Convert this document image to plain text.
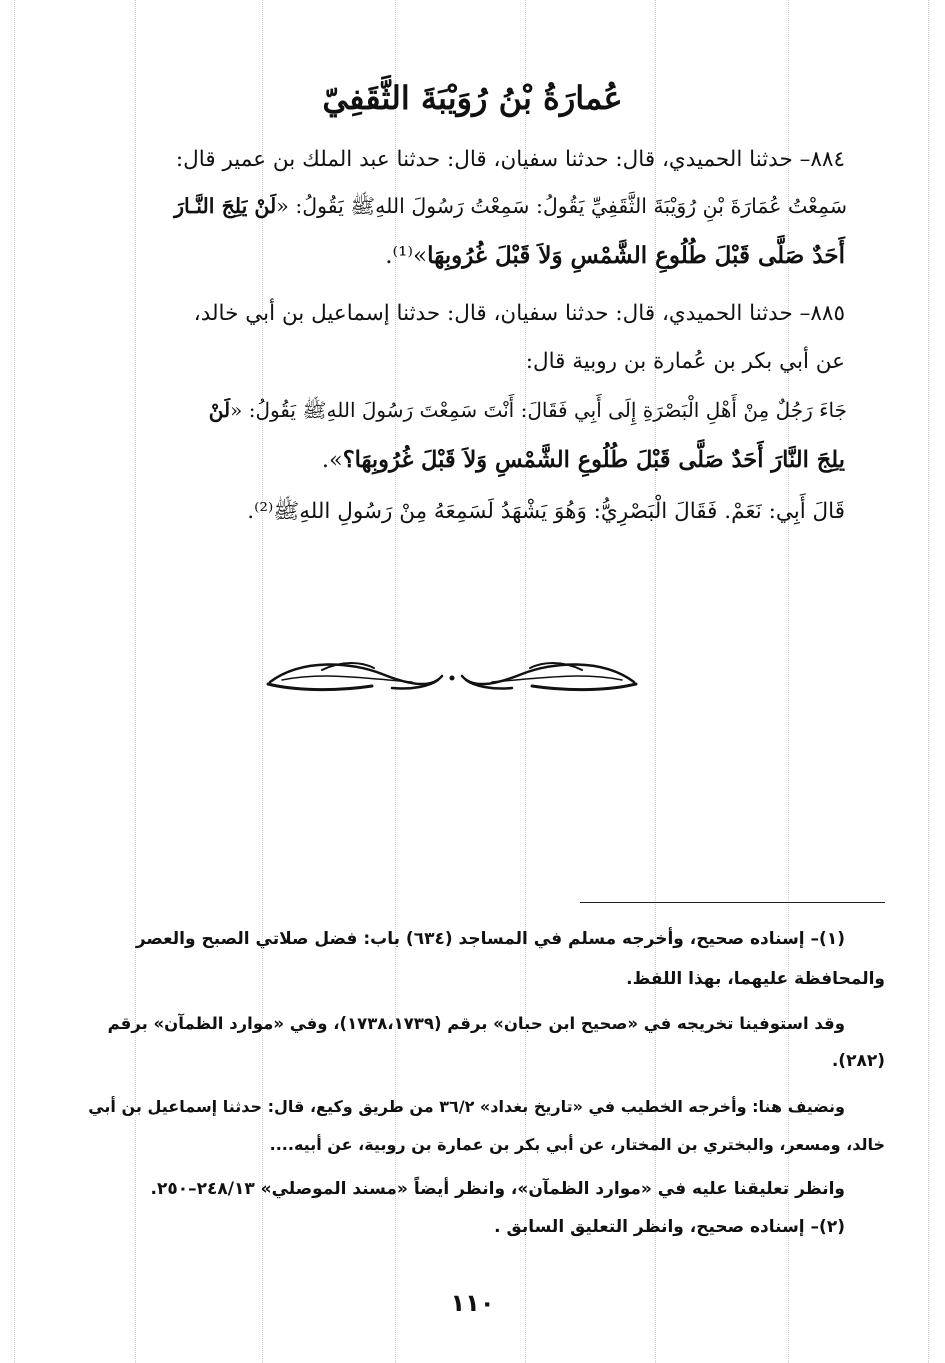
عُمارَةُ بْنُ رُوَيْبَةَ الثَّقَفِيّ
٨٨٤– حدثنا الحميدي، قال: حدثنا سفيان، قال: حدثنا عبد الملك بن عمير قال:
سَمِعْتُ عُمَارَةَ بْنِ رُوَيْبَةَ الثَّقَفِيِّ يَقُولُ: سَمِعْتُ رَسُولَ اللهِﷺ يَقُولُ: «لَنْ يَلِجَ النَّـارَ
أَحَدٌ صَلَّى قَبْلَ طُلُوعِ الشَّمْسِ وَلاَ قَبْلَ غُرُوبِهَا»⁽¹⁾.
٨٨٥– حدثنا الحميدي، قال: حدثنا سفيان، قال: حدثنا إسماعيل بن أبي خالد،
عن أبي بكر بن عُمارة بن روبية قال:
جَاءَ رَجُلٌ مِنْ أَهْلِ الْبَصْرَةِ إِلَى أَبِي فَقَالَ: أَنْتَ سَمِعْتَ رَسُولَ اللهِﷺ يَقُولُ: «لَنْ
يلِجَ النَّارَ أَحَدٌ صَلَّى قَبْلَ طُلُوعِ الشَّمْسِ وَلاَ قَبْلَ غُرُوبِهَا؟».
قَالَ أَبِي: نَعَمْ. فَقَالَ الْبَصْرِيُّ: وَهُوَ يَشْهَدُ لَسَمِعَهُ مِنْ رَسُولِ اللهِﷺ⁽²⁾.
(١)– إسناده صحيح، وأخرجه مسلم في المساجد (٦٣٤) باب: فضل صلاتي الصبح والعصر
والمحافظة عليهما، بهذا اللفظ.
وقد استوفينا تخريجه في «صحيح ابن حبان» برقم (١٧٣٨،١٧٣٩)، وفي «موارد الظمآن» برقم
(٢٨٢).
ونضيف هنا: وأخرجه الخطيب في «تاريخ بغداد» ٣٦/٢ من طريق وكيع، قال: حدثنا إسماعيل بن أبي
خالد، ومسعر، والبختري بن المختار، عن أبي بكر بن عمارة بن روبية، عن أبيه....
وانظر تعليقنا عليه في «موارد الظمآن»، وانظر أيضاً «مسند الموصلي» ٢٤٨/١٣–٢٥٠.
(٢)– إسناده صحيح، وانظر التعليق السابق .
١١٠
